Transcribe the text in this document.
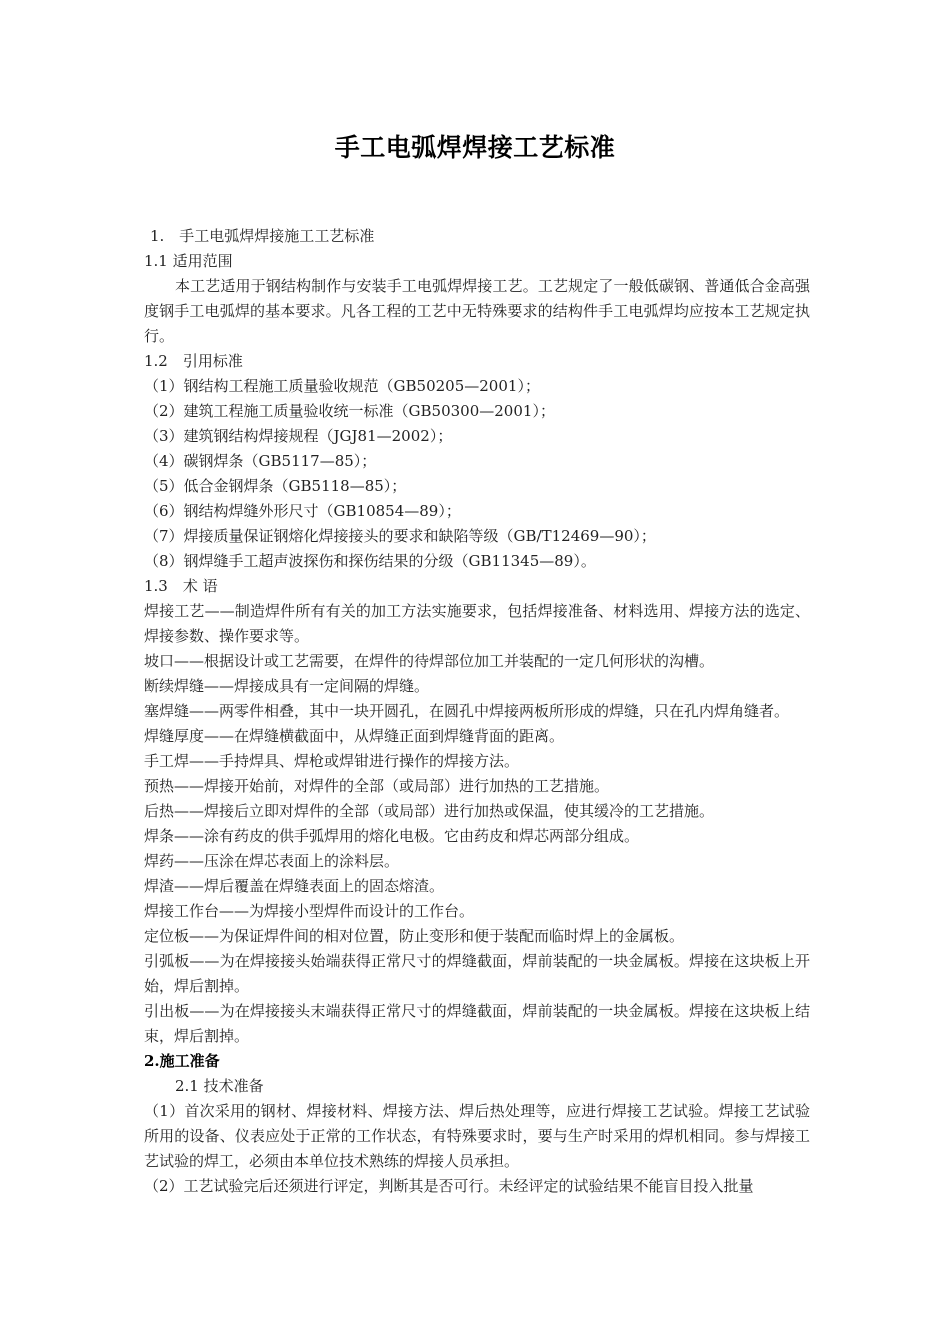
手工电弧焊焊接工艺标准

1.　手工电弧焊焊接施工工艺标准

1.1 适用范围

本工艺适用于钢结构制作与安装手工电弧焊焊接工艺。工艺规定了一般低碳钢、普通低合金高强度钢手工电弧焊的基本要求。凡各工程的工艺中无特殊要求的结构件手工电弧焊均应按本工艺规定执行。

1.2　引用标准

（1）钢结构工程施工质量验收规范（GB50205—2001）；

（2）建筑工程施工质量验收统一标准（GB50300—2001）；

（3）建筑钢结构焊接规程（JGJ81—2002）；

（4）碳钢焊条（GB5117—85）；

（5）低合金钢焊条（GB5118—85）；

（6）钢结构焊缝外形尺寸（GB10854—89）；

（7）焊接质量保证钢熔化焊接接头的要求和缺陷等级（GB/T12469—90）；

（8）钢焊缝手工超声波探伤和探伤结果的分级（GB11345—89）。

1.3　术 语

焊接工艺——制造焊件所有有关的加工方法实施要求，包括焊接准备、材料选用、焊接方法的选定、焊接参数、操作要求等。

坡口——根据设计或工艺需要，在焊件的待焊部位加工并装配的一定几何形状的沟槽。

断续焊缝——焊接成具有一定间隔的焊缝。

塞焊缝——两零件相叠，其中一块开圆孔，在圆孔中焊接两板所形成的焊缝，只在孔内焊角缝者。

焊缝厚度——在焊缝横截面中，从焊缝正面到焊缝背面的距离。

手工焊——手持焊具、焊枪或焊钳进行操作的焊接方法。

预热——焊接开始前，对焊件的全部（或局部）进行加热的工艺措施。

后热——焊接后立即对焊件的全部（或局部）进行加热或保温，使其缓冷的工艺措施。

焊条——涂有药皮的供手弧焊用的熔化电极。它由药皮和焊芯两部分组成。

焊药——压涂在焊芯表面上的涂料层。

焊渣——焊后覆盖在焊缝表面上的固态熔渣。

焊接工作台——为焊接小型焊件而设计的工作台。

定位板——为保证焊件间的相对位置，防止变形和便于装配而临时焊上的金属板。

引弧板——为在焊接接头始端获得正常尺寸的焊缝截面，焊前装配的一块金属板。焊接在这块板上开始，焊后割掉。

引出板——为在焊接接头末端获得正常尺寸的焊缝截面，焊前装配的一块金属板。焊接在这块板上结束，焊后割掉。

2.施工准备

2.1 技术准备

（1）首次采用的钢材、焊接材料、焊接方法、焊后热处理等，应进行焊接工艺试验。焊接工艺试验所用的设备、仪表应处于正常的工作状态，有特殊要求时，要与生产时采用的焊机相同。参与焊接工艺试验的焊工，必须由本单位技术熟练的焊接人员承担。

（2）工艺试验完后还须进行评定，判断其是否可行。未经评定的试验结果不能盲目投入批量
